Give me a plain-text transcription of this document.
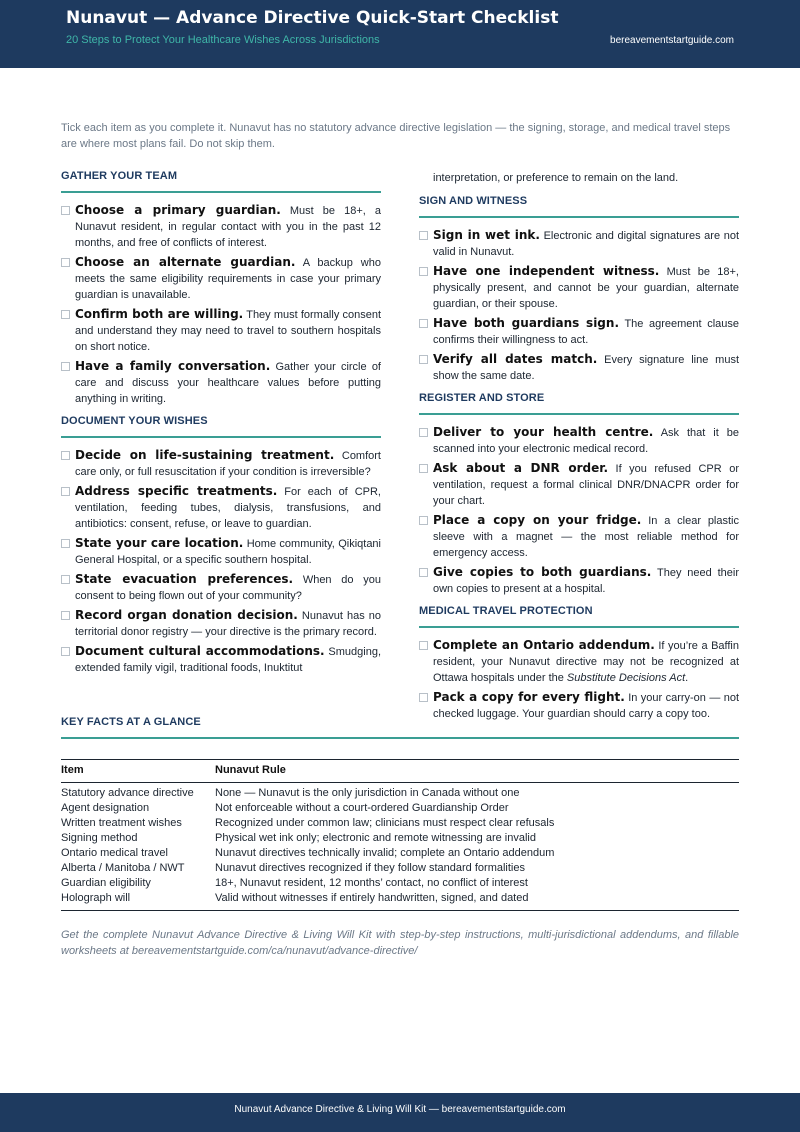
Nunavut — Advance Directive Quick-Start Checklist
20 Steps to Protect Your Healthcare Wishes Across Jurisdictions	bereavementstartguide.com
Tick each item as you complete it. Nunavut has no statutory advance directive legislation — the signing, storage, and medical travel steps are where most plans fail. Do not skip them.
GATHER YOUR TEAM
Choose a primary guardian. Must be 18+, a Nunavut resident, in regular contact with you in the past 12 months, and free of conflicts of interest.
Choose an alternate guardian. A backup who meets the same eligibility requirements in case your primary guardian is unavailable.
Confirm both are willing. They must formally consent and understand they may need to travel to southern hospitals on short notice.
Have a family conversation. Gather your circle of care and discuss your healthcare values before putting anything in writing.
DOCUMENT YOUR WISHES
Decide on life-sustaining treatment. Comfort care only, or full resuscitation if your condition is irreversible?
Address specific treatments. For each of CPR, ventilation, feeding tubes, dialysis, transfusions, and antibiotics: consent, refuse, or leave to guardian.
State your care location. Home community, Qikiqtani General Hospital, or a specific southern hospital.
State evacuation preferences. When do you consent to being flown out of your community?
Record organ donation decision. Nunavut has no territorial donor registry — your directive is the primary record.
Document cultural accommodations. Smudging, extended family vigil, traditional foods, Inuktitut
interpretation, or preference to remain on the land.
SIGN AND WITNESS
Sign in wet ink. Electronic and digital signatures are not valid in Nunavut.
Have one independent witness. Must be 18+, physically present, and cannot be your guardian, alternate guardian, or their spouse.
Have both guardians sign. The agreement clause confirms their willingness to act.
Verify all dates match. Every signature line must show the same date.
REGISTER AND STORE
Deliver to your health centre. Ask that it be scanned into your electronic medical record.
Ask about a DNR order. If you refused CPR or ventilation, request a formal clinical DNR/DNACPR order for your chart.
Place a copy on your fridge. In a clear plastic sleeve with a magnet — the most reliable method for emergency access.
Give copies to both guardians. They need their own copies to present at a hospital.
MEDICAL TRAVEL PROTECTION
Complete an Ontario addendum. If you’re a Baffin resident, your Nunavut directive may not be recognized at Ottawa hospitals under the Substitute Decisions Act.
Pack a copy for every flight. In your carry-on — not checked luggage. Your guardian should carry a copy too.
KEY FACTS AT A GLANCE
Item	Nunavut Rule
Statutory advance directive	None — Nunavut is the only jurisdiction in Canada without one
Agent designation	Not enforceable without a court-ordered Guardianship Order
Written treatment wishes	Recognized under common law; clinicians must respect clear refusals
Signing method	Physical wet ink only; electronic and remote witnessing are invalid
Ontario medical travel	Nunavut directives technically invalid; complete an Ontario addendum
Alberta / Manitoba / NWT	Nunavut directives recognized if they follow standard formalities
Guardian eligibility	18+, Nunavut resident, 12 months’ contact, no conflict of interest
Holograph will	Valid without witnesses if entirely handwritten, signed, and dated
Get the complete Nunavut Advance Directive & Living Will Kit with step-by-step instructions, multi-jurisdictional addendums, and fillable worksheets at bereavementstartguide.com/ca/nunavut/advance-directive/
Nunavut Advance Directive & Living Will Kit — bereavementstartguide.com
